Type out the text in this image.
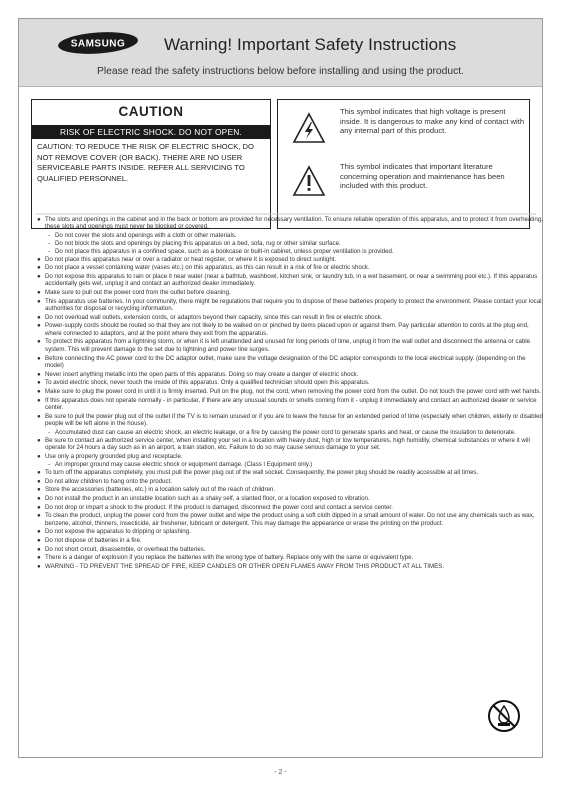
SAMSUNG Warning! Important Safety Instructions
Please read the safety instructions below before installing and using the product.
CAUTION
RISK OF ELECTRIC SHOCK. DO NOT OPEN.
CAUTION: TO REDUCE THE RISK OF ELECTRIC SHOCK, DO NOT REMOVE COVER (OR BACK). THERE ARE NO USER SERVICEABLE PARTS INSIDE. REFER ALL SERVICING TO QUALIFIED PERSONNEL.
This symbol indicates that high voltage is present inside. It is dangerous to make any kind of contact with any internal part of this product.
This symbol indicates that important literature concerning operation and maintenance has been included with this product.
● The slots and openings in the cabinet and in the back or bottom are provided for necessary ventilation. To ensure reliable operation of this apparatus, and to protect it from overheating, these slots and openings must never be blocked or covered.
- Do not cover the slots and openings with a cloth or other materials.
- Do not block the slots and openings by placing this apparatus on a bed, sofa, rug or other similar surface.
- Do not place this apparatus in a confined space, such as a bookcase or built-in cabinet, unless proper ventilation is provided.
● Do not place this apparatus near or over a radiator or heat register, or where it is exposed to direct sunlight.
● Do not place a vessel containing water (vases etc.) on this apparatus, as this can result in a risk of fire or electric shock.
● Do not expose this apparatus to rain or place it near water (near a bathtub, washbowl, kitchen sink, or laundry tub, in a wet basement, or near a swimming pool etc.). If this apparatus accidentally gets wet, unplug it and contact an authorized dealer immediately.
● Make sure to pull out the power cord from the outlet before cleaning.
● This apparatus use batteries. In your community, there might be regulations that require you to dispose of these batteries properly to protect the environment. Please contact your local authorities for disposal or recycling information.
● Do not overload wall outlets, extension cords, or adaptors beyond their capacity, since this can result in fire or electric shock.
● Power-supply cords should be routed so that they are not likely to be walked on or pinched by items placed upon or against them. Pay particular attention to cords at the plug end, where connected to adaptors, and at the point where they exit from the apparatus.
● To protect this apparatus from a lightning storm, or when it is left unattended and unused for long periods of time, unplug it from the wall outlet and disconnect the antenna or cable system. This will prevent damage to the set due to lightning and power line surges.
● Before connecting the AC power cord to the DC adaptor outlet, make sure the voltage designation of the DC adaptor corresponds to the local electrical supply. (depending on the model)
● Never insert anything metallic into the open parts of this apparatus. Doing so may create a danger of electric shock.
● To avoid electric shock, never touch the inside of this apparatus. Only a qualified technician should open this apparatus.
● Make sure to plug the power cord in until it is firmly inserted. Pull on the plug, not the cord, when removing the power cord from the outlet. Do not touch the power cord with wet hands.
● If this apparatus does not operate normally - in particular, if there are any unusual sounds or smells coming from it - unplug it immediately and contact an authorized dealer or service center.
● Be sure to pull the power plug out of the outlet if the TV is to remain unused or if you are to leave the house for an extended period of time (especially when children, elderly or disabled people will be left alone in the house).
- Accumulated dust can cause an electric shock, an electric leakage, or a fire by causing the power cord to generate sparks and heat, or cause the insulation to deteriorate.
● Be sure to contact an authorized service center, when installing your set in a location with heavy dust, high or low temperatures, high humidity, chemical substances or where it will operate for 24 hours a day such as in an airport, a train station, etc. Failure to do so may cause serious damage to your set.
● Use only a properly grounded plug and receptacle.
- An improper ground may cause electric shock or equipment damage. (Class l Equipment only.)
● To turn off the apparatus completely, you must pull the power plug out of the wall socket. Consequently, the power plug should be readily accessible at all times.
● Do not allow children to hang onto the product.
● Store the accessories (batteries, etc.) in a location safely out of the reach of children.
● Do not install the product in an unstable location such as a shaky self, a slanted floor, or a location exposed to vibration.
● Do not drop or impart a shock to the product. If the product is damaged, disconnect the power cord and contact a service center.
● To clean the product, unplug the power cord from the power outlet and wipe the product using a soft cloth dipped in a small amount of water. Do not use any chemicals such as wax, benzene, alcohol, thinners, insecticide, air freshener, lubricant or detergent. This may damage the appearance or erase the printing on the product.
● Do not expose the apparatus to dripping or splashing.
● Do not dispose of batteries in a fire.
● Do not short circuit, disassemble, or overheat the batteries.
● There is a danger of explosion if you replace the batteries with the wrong type of battery. Replace only with the same or equivalent type.
● WARNING - TO PREVENT THE SPREAD OF FIRE, KEEP CANDLES OR OTHER OPEN FLAMES AWAY FROM THIS PRODUCT AT ALL TIMES.
- 2 -
